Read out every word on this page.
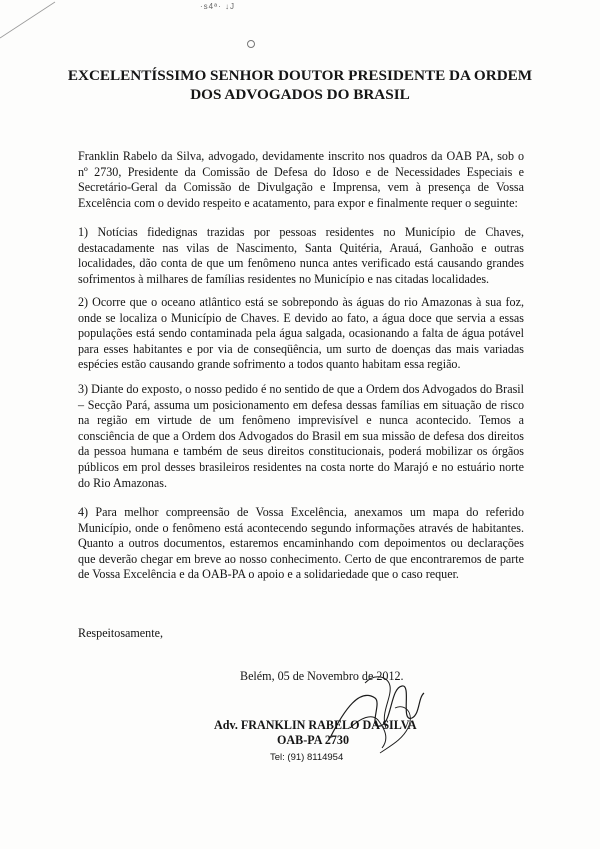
·s4ª· ↓J
EXCELENTÍSSIMO SENHOR DOUTOR PRESIDENTE DA ORDEM
DOS ADVOGADOS DO BRASIL
Franklin Rabelo da Silva, advogado, devidamente inscrito nos quadros da OAB PA, sob o nº 2730, Presidente da Comissão de Defesa do Idoso e de Necessidades Especiais e Secretário-Geral da Comissão de Divulgação e Imprensa, vem à presença de Vossa Excelência com o devido respeito e acatamento, para expor e finalmente requer o seguinte:
1) Notícias fidedignas trazidas por pessoas residentes no Município de Chaves, destacadamente nas vilas de Nascimento, Santa Quitéria, Arauá, Ganhoão e outras localidades, dão conta de que um fenômeno nunca antes verificado está causando grandes sofrimentos à milhares de famílias residentes no Município e nas citadas localidades.
2) Ocorre que o oceano atlântico está se sobrepondo às águas do rio Amazonas à sua foz, onde se localiza o Município de Chaves. E devido ao fato, a água doce que servia a essas populações está sendo contaminada pela água salgada, ocasionando a falta de água potável para esses habitantes e por via de conseqüência, um surto de doenças das mais variadas espécies estão causando grande sofrimento a todos quanto habitam essa região.
3) Diante do exposto, o nosso pedido é no sentido de que a Ordem dos Advogados do Brasil – Secção Pará, assuma um posicionamento em defesa dessas famílias em situação de risco na região em virtude de um fenômeno imprevisível e nunca acontecido. Temos a consciência de que a Ordem dos Advogados do Brasil em sua missão de defesa dos direitos da pessoa humana e também de seus direitos constitucionais, poderá mobilizar os órgãos públicos em prol desses brasileiros residentes na costa norte do Marajó e no estuário norte do Rio Amazonas.
4) Para melhor compreensão de Vossa Excelência, anexamos um mapa do referido Município, onde o fenômeno está acontecendo segundo informações através de habitantes. Quanto a outros documentos, estaremos encaminhando com depoimentos ou declarações que deverão chegar em breve ao nosso conhecimento. Certo de que encontraremos de parte de Vossa Excelência e da OAB-PA o apoio e a solidariedade que o caso requer.
Respeitosamente,
Belém, 05 de Novembro de 2012.
Adv. FRANKLIN RABELO DA SILVA
OAB-PA 2730
Tel: (91) 8114954
